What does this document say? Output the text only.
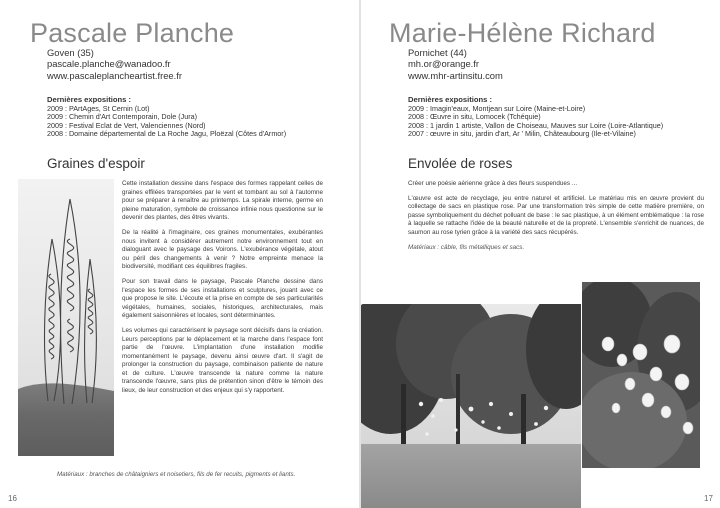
Pascale Planche
Goven (35)
pascale.planche@wanadoo.fr
www.pascaleplancheartist.free.fr
Dernières expositions :
2009 : PArtAges, St Cernin (Lot)
2009 : Chemin d'Art Contemporain, Dole (Jura)
2009 : Festival Eclat de Vert, Valenciennes (Nord)
2008 : Domaine départemental de La Roche Jagu, Ploëzal (Côtes d'Armor)
Graines d'espoir

Cette installation dessine dans l'espace des formes rappelant celles de graines effilées transportées par le vent et tombant au sol à l'automne pour se préparer à renaître au printemps. La spirale interne, germe en pleine maturation, symbole de croissance infinie nous questionne sur le devenir des plantes, des êtres vivants.

De la réalité à l'imaginaire, ces graines monumentales, exubérantes nous invitent à considérer autrement notre environnement tout en dialoguant avec le paysage des Voirons. L'exubérance végétale, atout ou péril des changements à venir ? Notre empreinte menace la biodiversité, modifiant ces équilibres fragiles.

Pour son travail dans le paysage, Pascale Planche dessine dans l'espace les formes de ses installations et sculptures, jouant avec ce que propose le site. L'écoute et la prise en compte de ses particularités végétales, humaines, sociales, historiques, architecturales, mais également saisonnières et locales, sont déterminantes.

Les volumes qui caractérisent le paysage sont décisifs dans la création. Leurs perceptions par le déplacement et la marche dans l'espace font partie de l'œuvre. L'implantation d'une installation modifie momentanément le paysage, devenu ainsi œuvre d'art. Il s'agit de prolonger la construction du paysage, combinaison patiente de nature et de culture. L'œuvre transcende la nature comme la nature transcende l'œuvre, sans plus de prétention sinon d'être le témoin des lieux, de leur construction et des enjeux qui s'y rapportent.

Matériaux : branches de châtaigniers et noisetiers, fils de fer recuits, pigments et liants.
16
Marie-Hélène Richard
Pornichet (44)
mh.or@orange.fr
www.mhr-artinsitu.com
Dernières expositions :
2009 : Imagin'eaux, Montjean sur Loire (Maine-et-Loire)
2008 : Œuvre in situ, Lomocek (Tchéquie)
2008 : 1 jardin 1 artiste, Vallon de Choiseau, Mauves sur Loire (Loire-Atlantique)
2007 : œuvre in situ, jardin d'art, Ar ' Milin, Châteaubourg (Ile-et-Vilaine)
Envolée de roses

Créer une poésie aérienne grâce à des fleurs suspendues ...

L'œuvre est acte de recyclage, jeu entre naturel et artificiel. Le matériau mis en œuvre provient du collectage de sacs en plastique rose. Par une transformation très simple de cette matière première, on passe symboliquement du déchet polluant de base : le sac plastique, à un élément emblématique : la rose à laquelle se rattache l'idée de la beauté naturelle et de la propreté. L'ensemble s'enrichit de nuances, de saumon au rose tyrien grâce à la variété des sacs récupérés.

Matériaux : câble, fils métalliques et sacs.

17
